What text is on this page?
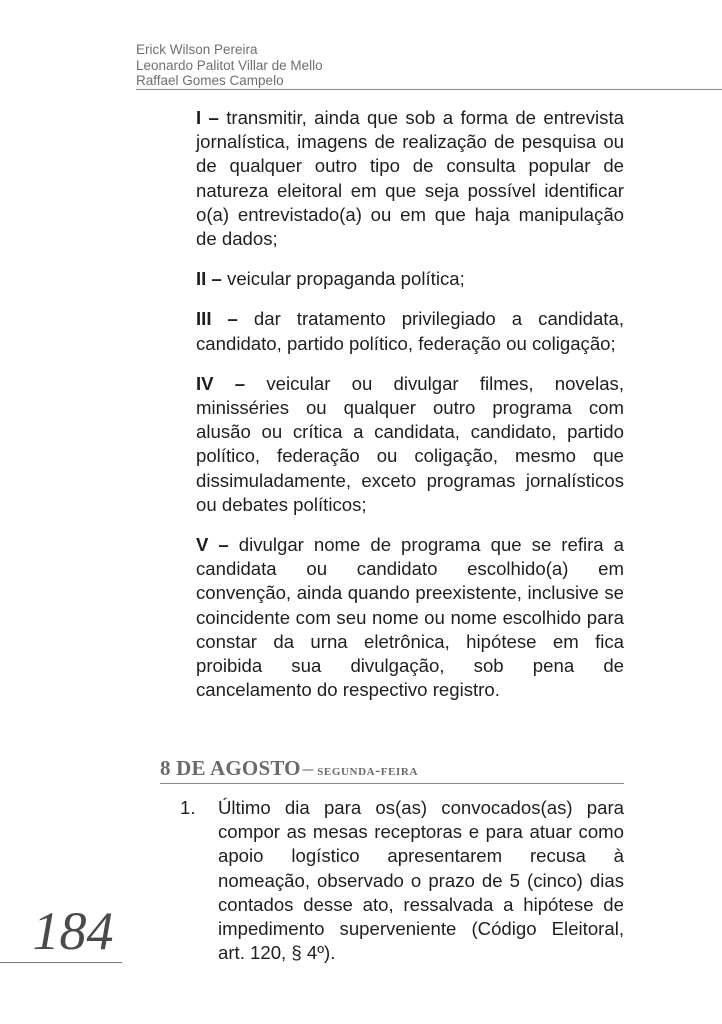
Erick Wilson Pereira
Leonardo Palitot Villar de Mello
Raffael Gomes Campelo

I – transmitir, ainda que sob a forma de entrevista jornalística, imagens de realização de pesquisa ou de qualquer outro tipo de consulta popular de natureza eleitoral em que seja possível identificar o(a) entrevistado(a) ou em que haja manipulação de dados;

II – veicular propaganda política;

III – dar tratamento privilegiado a candidata, candidato, partido político, federação ou coligação;

IV – veicular ou divulgar filmes, novelas, minisséries ou qualquer outro programa com alusão ou crítica a candidata, candidato, partido político, federação ou coligação, mesmo que dissimuladamente, exceto programas jornalísticos ou debates políticos;

V – divulgar nome de programa que se refira a candidata ou candidato escolhido(a) em convenção, ainda quando preexistente, inclusive se coincidente com seu nome ou nome escolhido para constar da urna eletrônica, hipótese em fica proibida sua divulgação, sob pena de cancelamento do respectivo registro.

8 DE AGOSTO– segunda-feira
1.	Último dia para os(as) convocados(as) para compor as mesas receptoras e para atuar como apoio logístico apresentarem recusa à nomeação, observado o prazo de 5 (cinco) dias contados desse ato, ressalvada a hipótese de impedimento superveniente (Código Eleitoral, art. 120, § 4º).
184
